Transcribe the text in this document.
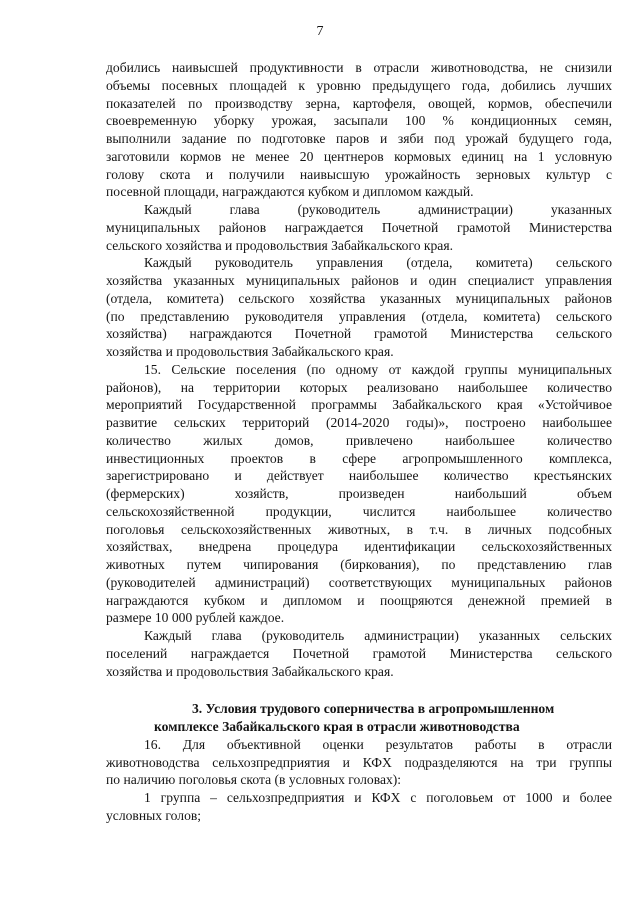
7
добились наивысшей продуктивности в отрасли животноводства, не снизили
объемы посевных площадей к уровню предыдущего года, добились лучших
показателей по производству зерна, картофеля, овощей, кормов, обеспечили
своевременную уборку урожая, засыпали 100 % кондиционных семян,
выполнили задание по подготовке паров и зяби под урожай будущего года,
заготовили кормов не менее 20 центнеров кормовых единиц на 1 условную
голову скота и получили наивысшую урожайность зерновых культур с
посевной площади, награждаются кубком и дипломом каждый.
Каждый глава (руководитель администрации) указанных
муниципальных районов награждается Почетной грамотой Министерства
сельского хозяйства и продовольствия Забайкальского края.
Каждый руководитель управления (отдела, комитета) сельского
хозяйства указанных муниципальных районов и один специалист управления
(отдела, комитета) сельского хозяйства указанных муниципальных районов
(по представлению руководителя управления (отдела, комитета) сельского
хозяйства) награждаются Почетной грамотой Министерства сельского
хозяйства и продовольствия Забайкальского края.
15. Сельские поселения (по одному от каждой группы муниципальных
районов), на территории которых реализовано наибольшее количество
мероприятий Государственной программы Забайкальского края «Устойчивое
развитие сельских территорий (2014-2020 годы)», построено наибольшее
количество жилых домов, привлечено наибольшее количество
инвестиционных проектов в сфере агропромышленного комплекса,
зарегистрировано и действует наибольшее количество крестьянских
(фермерских) хозяйств, произведен наибольший объем
сельскохозяйственной продукции, числится наибольшее количество
поголовья сельскохозяйственных животных, в т.ч. в личных подсобных
хозяйствах, внедрена процедура идентификации сельскохозяйственных
животных путем чипирования (биркования), по представлению глав
(руководителей администраций) соответствующих муниципальных районов
награждаются кубком и дипломом и поощряются денежной премией в
размере 10 000 рублей каждое.
Каждый глава (руководитель администрации) указанных сельских
поселений награждается Почетной грамотой Министерства сельского
хозяйства и продовольствия Забайкальского края.
3. Условия трудового соперничества в агропромышленном
комплексе Забайкальского края в отрасли животноводства
16. Для объективной оценки результатов работы в отрасли
животноводства сельхозпредприятия и КФХ подразделяются на три группы
по наличию поголовья скота (в условных головах):
1 группа – сельхозпредприятия и КФХ с поголовьем от 1000 и более
условных голов;
